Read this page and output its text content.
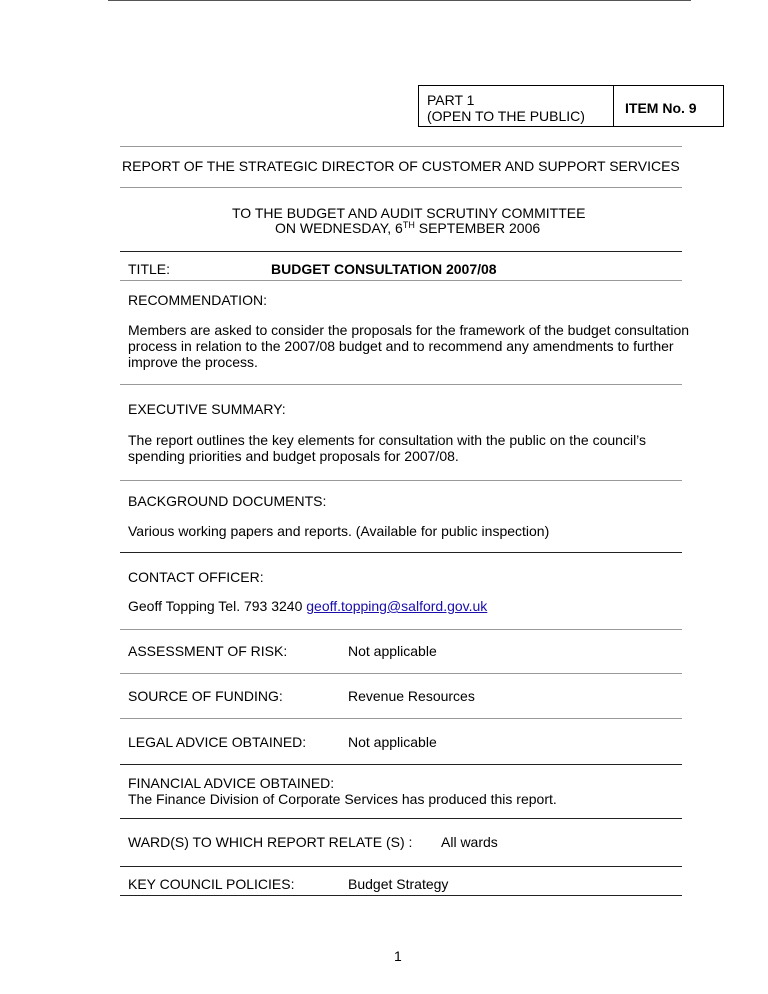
PART 1
(OPEN TO THE PUBLIC)	ITEM No. 9
REPORT OF THE STRATEGIC DIRECTOR OF CUSTOMER AND SUPPORT SERVICES
TO THE BUDGET AND AUDIT SCRUTINY COMMITTEE
ON WEDNESDAY, 6TH SEPTEMBER 2006
TITLE:	BUDGET CONSULTATION 2007/08
RECOMMENDATION:
Members are asked to consider the proposals for the framework of the budget consultation
process in relation to the 2007/08 budget and to recommend any amendments to further
improve the process.
EXECUTIVE SUMMARY:
The report outlines the key elements for consultation with the public on the council’s
spending priorities and budget proposals for 2007/08.
BACKGROUND DOCUMENTS:
Various working papers and reports. (Available for public inspection)
CONTACT OFFICER:
Geoff Topping Tel. 793 3240 geoff.topping@salford.gov.uk
ASSESSMENT OF RISK:	Not applicable
SOURCE OF FUNDING:	Revenue Resources
LEGAL ADVICE OBTAINED:	Not applicable
FINANCIAL ADVICE OBTAINED:
The Finance Division of Corporate Services has produced this report.
WARD(S) TO WHICH REPORT RELATE (S) : All wards
KEY COUNCIL POLICIES:	Budget Strategy
1
